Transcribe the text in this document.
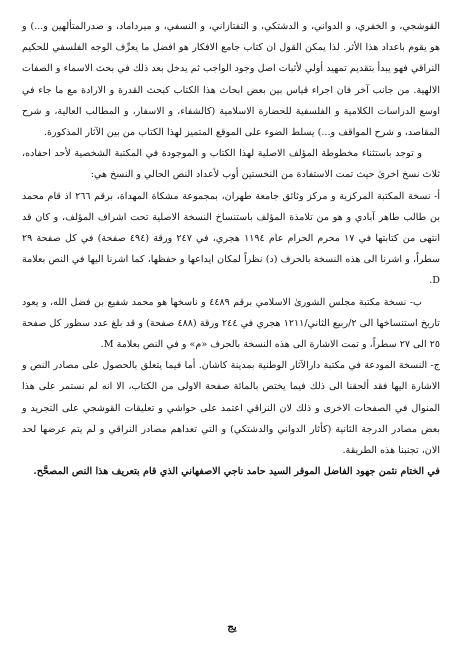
القوشجي، و الخفري، و الدواني، و الدشتكي، و التفتازاني، و النسفي، و ميرداماد، و صدرالمتألهين و...) و هو يقوم باعداد هذا الأثر. لذا يمكن القول ان كتاب جامع الافكار هو افضل ما يعرِّف الوجه الفلسفي للحكيم النراقي فهو يبدأ بتقديم تمهيد أولي لأثبات اصل وجود الواجب ثم يدخل بعد ذلك في بحث الاسماء و الصفات الالهية. من جانب آخر فان اجراء قياس بين بعض ابحاث هذا الكتاب كبحث القدرة و الارادة مع ما جاء في اوسع الدراسات الكلامية و الفلسفية للحضارة الاسلامية (كالشفاء، و الاسفار، و المطالب العالية، و شرح المقاصد، و شرح المواقف و...) يسلط الضوء على الموقع المتميز لهذا الكتاب من بين الآثار المذكورة.

و توجد باستثناء مخطوطة المؤلف الاصلية لهذا الكتاب و الموجودة في المكتبة الشخصية لأحد احفاده، ثلاث نسخ اخرىٰ حيث تمت الاستفادة من النخستين أوب لأعداد النص الحالي و النسخ هي:

أ- نسخة المكتبة المركزية و مركز وثائق جامعة طهران، بمجموعة مشكاة المهداة، برقم ۲٦٦ اذ قام محمد بن طالب طاهر آبادي و هو من تلامذة المؤلف باستنساخ النسخة الاصلية تحت اشراف المؤلف، و كان قد انتهى من كتابتها في ١٧ محرم الحرام عام ١١٩٤ هجري، في ٢٤٧ ورقة (٤٩٤ صفحة) في كل صفحة ٢٩ سطراً، و اشرنا الى هذه النسخة بالحرف (د) نظراً لمكان ايداعها و حفظها، كما اشرنا اليها في النص بعلامة D.

ب- نسخة مكتبة مجلس الشورىٰ الاسلامي برقم ٤٤٨٩ و ناسخها هو محمد شفيع بن فضل الله، و يعود تاريخ استنساخها الى ٢/ربيع الثاني/١٢١١ هجري في ٢٤٤ ورقة (٤٨٨ صفحة) و قد بلغ عدد سطور كل صفحة ٢٥ الى ٢٧ سطراً، و تمت الاشارة الى هذه النسخة بالحرف «م» و في النص بعلامة M.

ج- النسخة المودعة في مكتبة دارالآثار الوطنية بمدينة كاشان. أما فيما يتعلق بالحصول على مصادر النص و الاشارة اليها فقد ألحقنا الى ذلك فيما يختص بالمائة صفحة الاولى من الكتاب، الا انه لم نستمر على هذا المنوال في الصفحات الاخرى و ذلك لان النراقي اعتمد على حواشي و تعليقات القوشجي على التجريد و بعض مصادر الدرجة الثانية (كأثار الدواني والدشتكي) و التي تعداهم مصادر النراقي و لم يتم عرضها لحد الان، تجنبنا هذه الطريقة.

في الختام نثمن جهود الفاضل الموقر السيد حامد ناجي الاصفهاني الذي قام بتعريف هذا النص المصحَّح.

يج
